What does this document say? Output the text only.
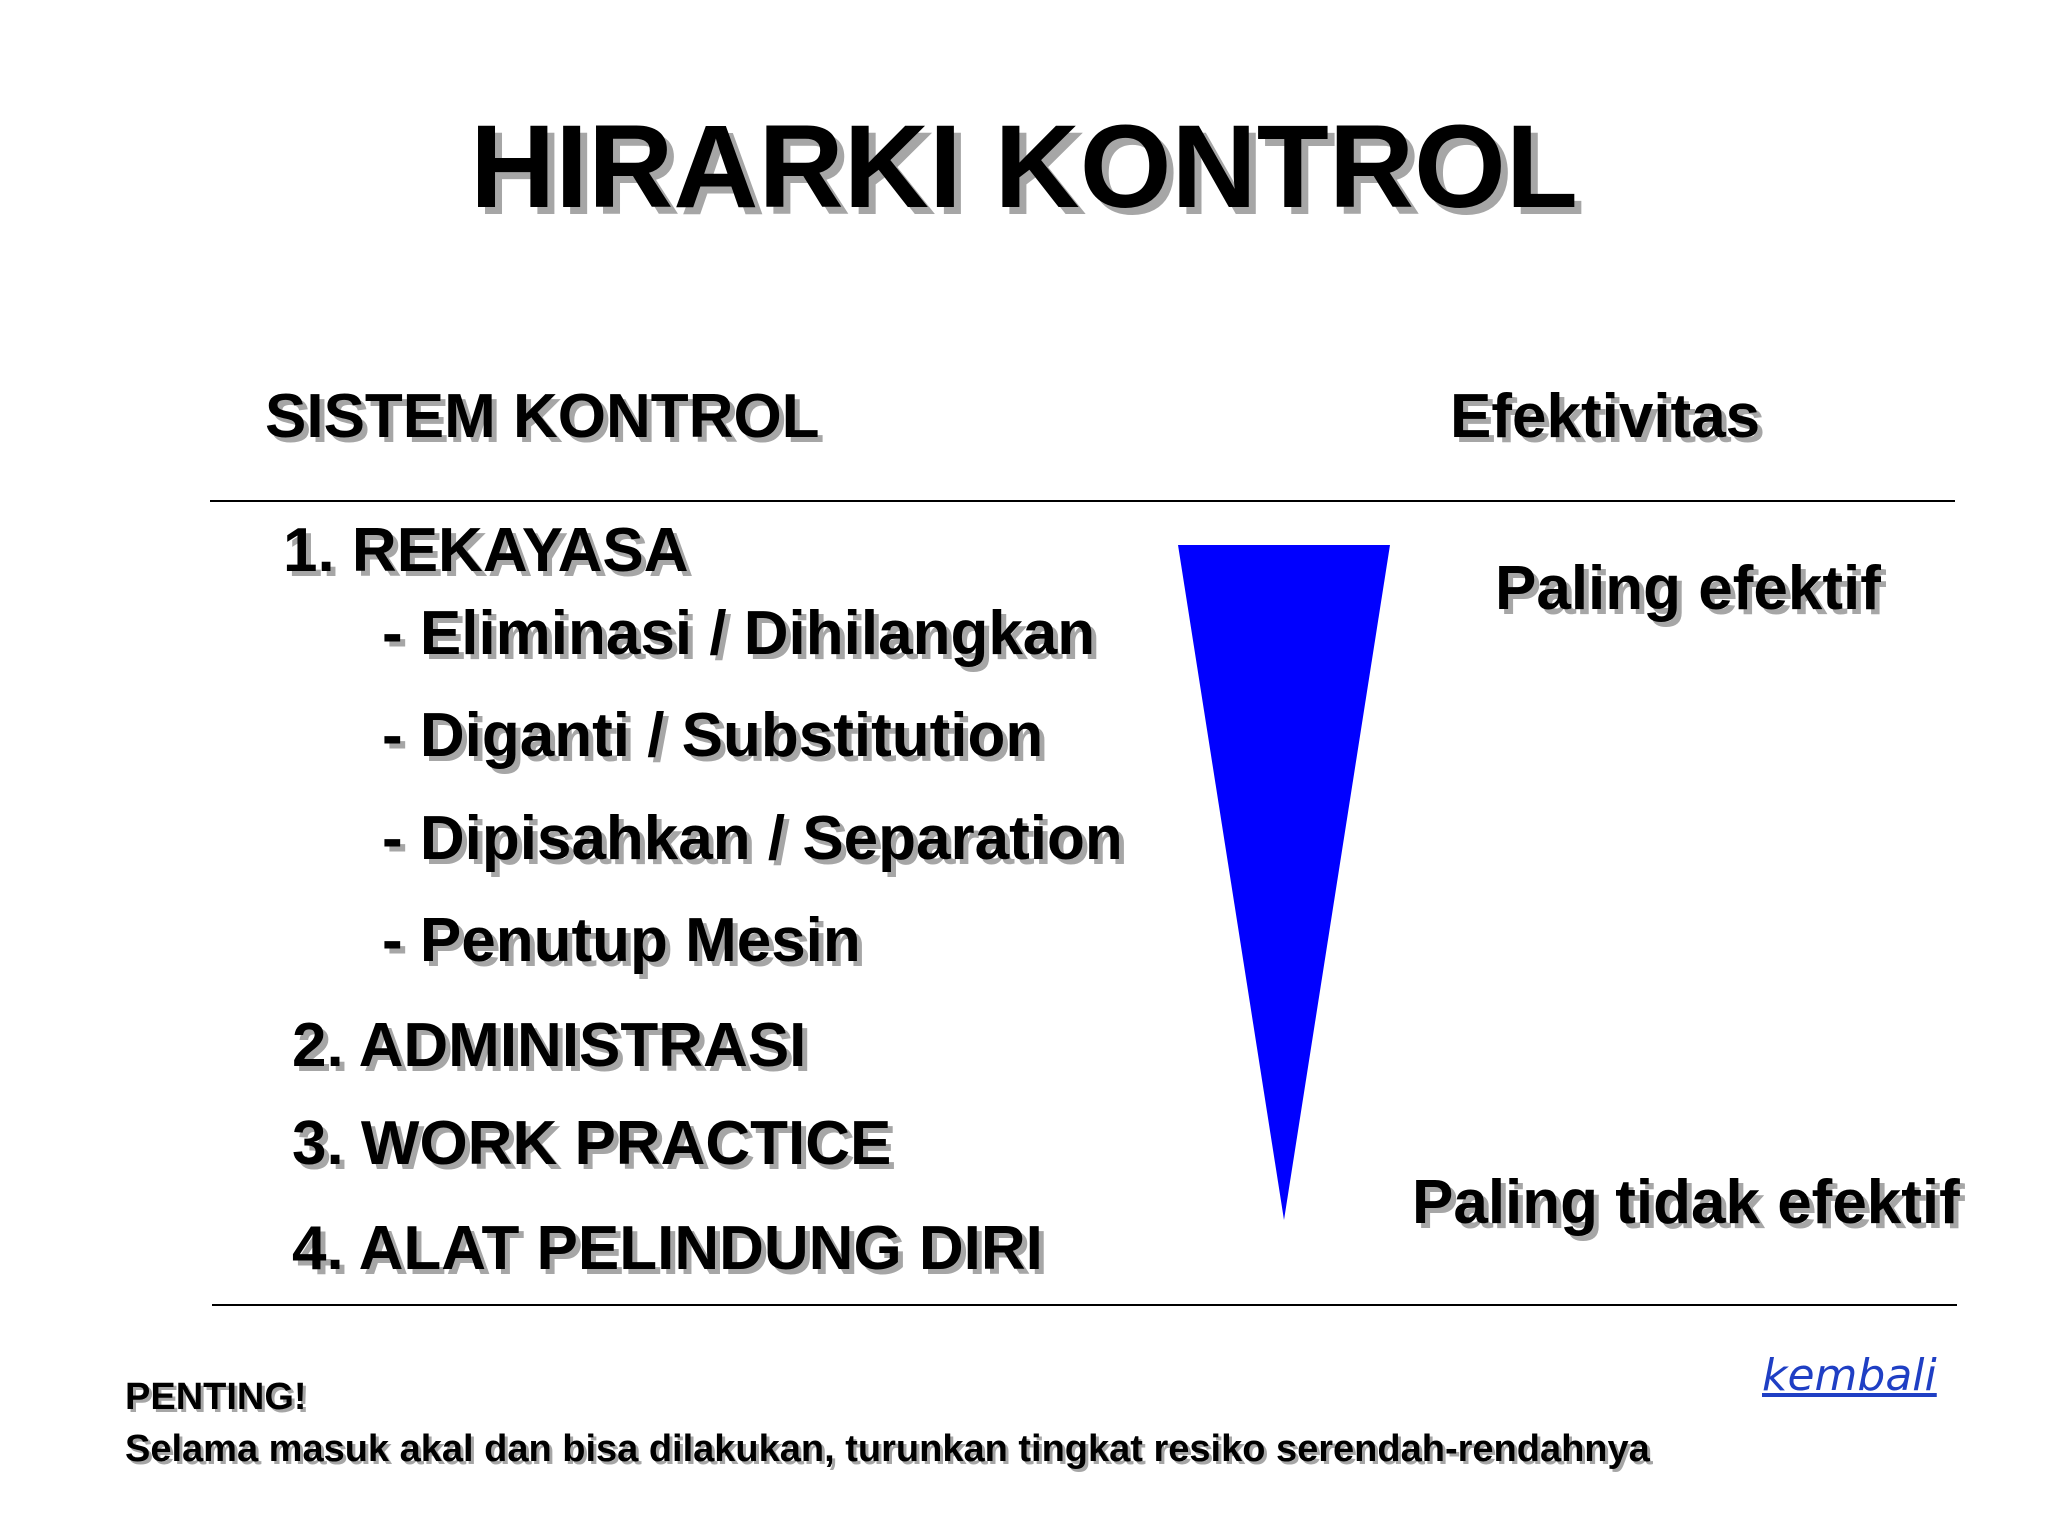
HIRARKI KONTROL
SISTEM KONTROL	Efektivitas
1. REKAYASA
- Eliminasi / Dihilangkan
- Diganti / Substitution
- Dipisahkan / Separation
- Penutup Mesin
2. ADMINISTRASI
3. WORK PRACTICE
4. ALAT PELINDUNG DIRI
Paling efektif
Paling tidak efektif
kembali
PENTING!
Selama masuk akal dan bisa dilakukan, turunkan tingkat resiko serendah-rendahnya
